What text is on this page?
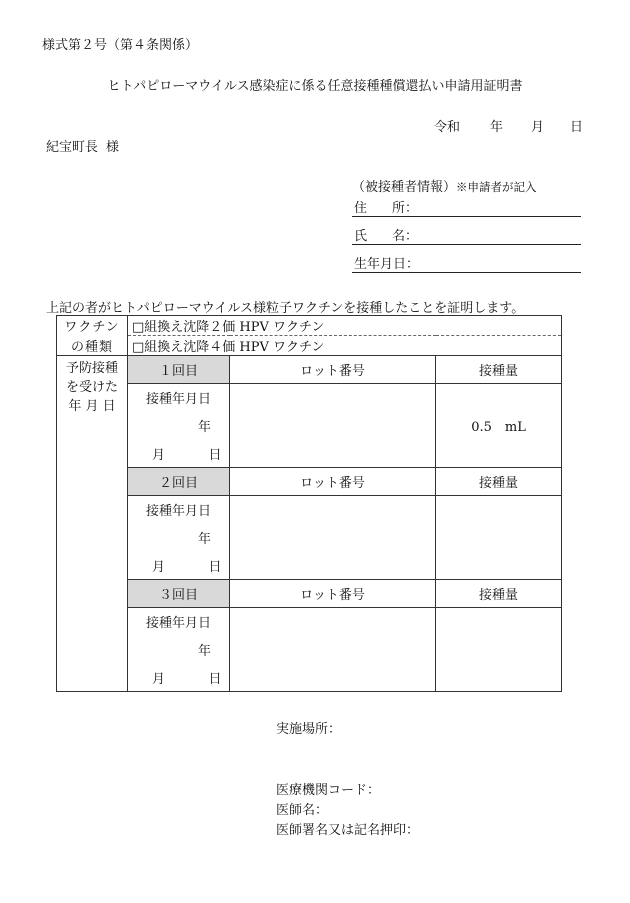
様式第２号（第４条関係）
ヒトパピローマウイルス感染症に係る任意接種種償還払い申請用証明書
令和 年 月 日
紀宝町長 様
（被接種者情報）※申請者が記入
住 所：
氏 名：
生年月日：
上記の者がヒトパピローマウイルス様粒子ワクチンを接種したことを証明します。
ワクチン	□組換え沈降２価 HPV ワクチン		
の種類	□組換え沈降４価 HPV ワクチン		

予防接種
を受けた
年 月 日	１回目	ロット番号	接種量
	接種年月日		0.5　mL
	年		
	月 日		
	２回目	ロット番号	接種量
	接種年月日		
	年		
	月 日		
	３回目	ロット番号	接種量
	接種年月日		
	年		
	月 日		
実施場所：
医療機関コード：
医師名：
医師署名又は記名押印：
